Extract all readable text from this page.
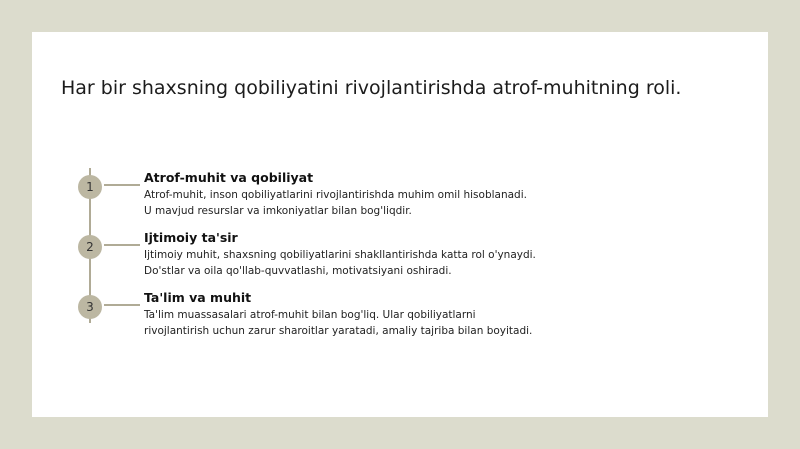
Har bir shaxsning qobiliyatini rivojlantirishda atrof-muhitning roli.
1
Atrof-muhit va qobiliyat

Atrof-muhit, inson qobiliyatlarini rivojlantirishda muhim omil hisoblanadi.
U mavjud resurslar va imkoniyatlar bilan bog'liqdir.

2
Ijtimoiy ta'sir

Ijtimoiy muhit, shaxsning qobiliyatlarini shakllantirishda katta rol o'ynaydi.
Do'stlar va oila qo'llab-quvvatlashi, motivatsiyani oshiradi.

3
Ta'lim va muhit

Ta'lim muassasalari atrof-muhit bilan bog'liq. Ular qobiliyatlarni
rivojlantirish uchun zarur sharoitlar yaratadi, amaliy tajriba bilan boyitadi.
